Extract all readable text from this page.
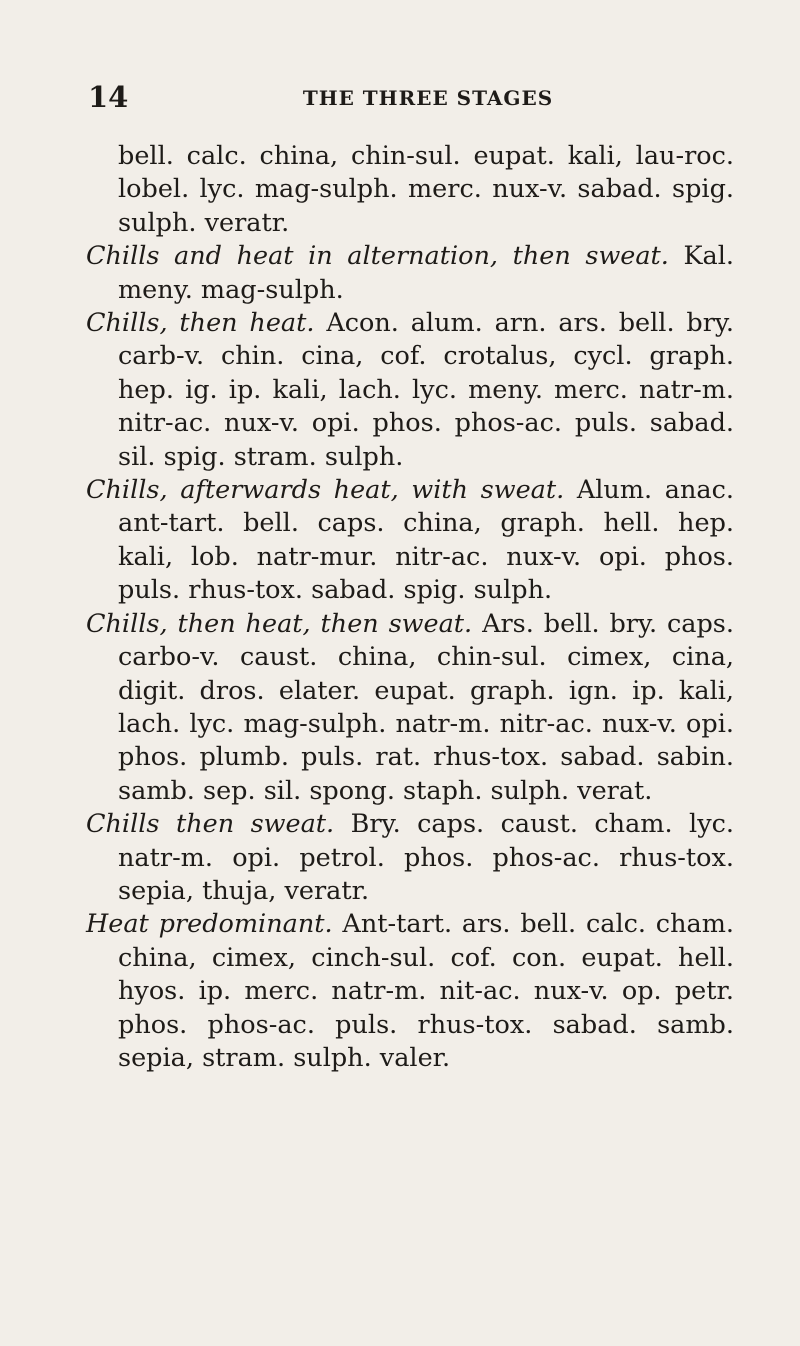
14	THE THREE STAGES

bell. calc. china, chin-sul. eupat. kali, lau-roc. lobel. lyc. mag-sulph. merc. nux-v. sabad. spig. sulph. veratr.

Chills and heat in alternation, then sweat. Kal. meny. mag-sulph.

Chills, then heat. Acon. alum. arn. ars. bell. bry. carb-v. chin. cina, cof. crotalus, cycl. graph. hep. ig. ip. kali, lach. lyc. meny. merc. natr-m. nitr-ac. nux-v. opi. phos. phos-ac. puls. sabad. sil. spig. stram. sulph.

Chills, afterwards heat, with sweat. Alum. anac. ant-tart. bell. caps. china, graph. hell. hep. kali, lob. natr-mur. nitr-ac. nux-v. opi. phos. puls. rhus-tox. sabad. spig. sulph.

Chills, then heat, then sweat. Ars. bell. bry. caps. carbo-v. caust. china, chin-sul. cimex, cina, digit. dros. elater. eupat. graph. ign. ip. kali, lach. lyc. mag-sulph. natr-m. nitr-ac. nux-v. opi. phos. plumb. puls. rat. rhus-tox. sabad. sabin. samb. sep. sil. spong. staph. sulph. verat.

Chills then sweat. Bry. caps. caust. cham. lyc. natr-m. opi. petrol. phos. phos-ac. rhus-tox. sepia, thuja, veratr.

Heat predominant. Ant-tart. ars. bell. calc. cham. china, cimex, cinch-sul. cof. con. eupat. hell. hyos. ip. merc. natr-m. nit-ac. nux-v. op. petr. phos. phos-ac. puls. rhus-tox. sabad. samb. sepia, stram. sulph. valer.
